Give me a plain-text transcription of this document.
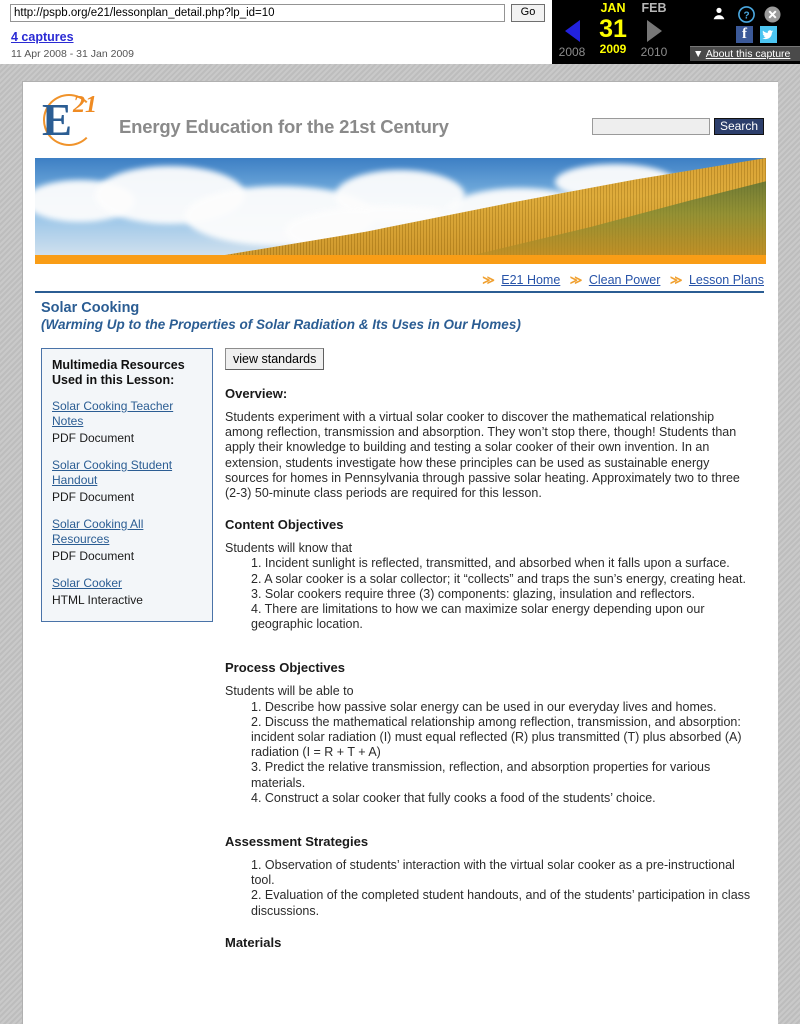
http://pspb.org/e21/lessonplan_detail.php?lp_id=10
Go
4 captures
11 Apr 2008 - 31 Jan 2009
SEP
2008
JAN
31
2009
FEB
2010
?
f
▼ About this capture
E 21
Energy Education for the 21st Century	Search
≫ E21 Home ≫ Clean Power ≫ Lesson Plans
Solar Cooking
(Warming Up to the Properties of Solar Radiation & Its Uses in Our Homes)
Multimedia Resources Used in this Lesson:
Solar Cooking Teacher Notes
PDF Document
Solar Cooking Student Handout
PDF Document
Solar Cooking All Resources
PDF Document
Solar Cooker
HTML Interactive
view standards
Overview:

Students experiment with a virtual solar cooker to discover the mathematical relationship among reflection, transmission and absorption. They won’t stop there, though! Students than apply their knowledge to building and testing a solar cooker of their own invention. In an extension, students investigate how these principles can be used as sustainable energy sources for homes in Pennsylvania through passive solar heating. Approximately two to three (2-3) 50-minute class periods are required for this lesson.

Content Objectives

Students will know that

1. Incident sunlight is reflected, transmitted, and absorbed when it falls upon a surface.
2. A solar cooker is a solar collector; it “collects” and traps the sun’s energy, creating heat.
3. Solar cookers require three (3) components: glazing, insulation and reflectors.
4. There are limitations to how we can maximize solar energy depending upon our geographic location.
Process Objectives

Students will be able to

1. Describe how passive solar energy can be used in our everyday lives and homes.
2. Discuss the mathematical relationship among reflection, transmission, and absorption: incident solar radiation (I) must equal reflected (R) plus transmitted (T) plus absorbed (A) radiation (I = R + T + A)
3. Predict the relative transmission, reflection, and absorption properties for various materials.
4. Construct a solar cooker that fully cooks a food of the students’ choice.
Assessment Strategies
1. Observation of students’ interaction with the virtual solar cooker as a pre-instructional tool.
2. Evaluation of the completed student handouts, and of the students’ participation in class discussions.
Materials
